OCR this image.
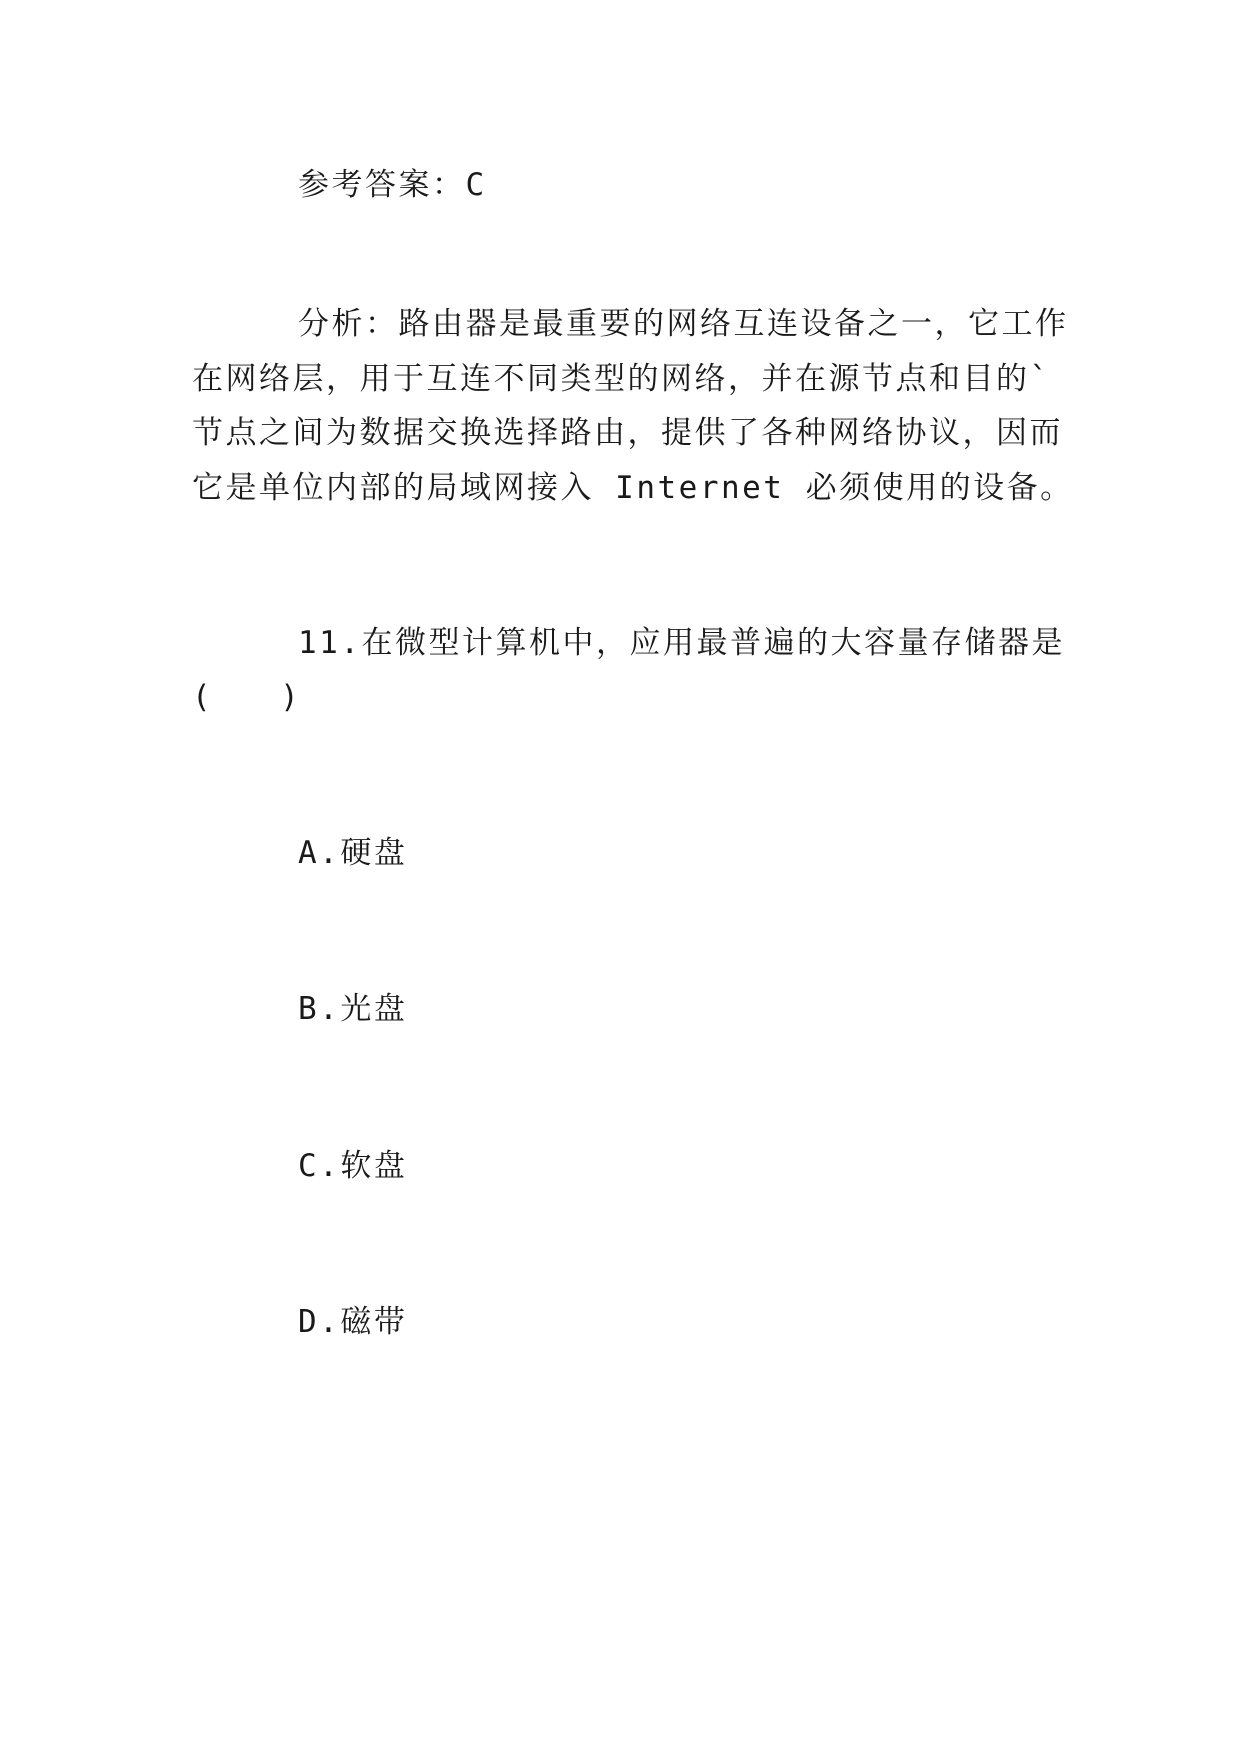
参考答案：C
分析：路由器是最重要的网络互连设备之一，它工作
在网络层，用于互连不同类型的网络，并在源节点和目的`
节点之间为数据交换选择路由，提供了各种网络协议，因而
它是单位内部的局域网接入 Internet 必须使用的设备。
11.在微型计算机中，应用最普遍的大容量存储器是
(　　)
A.硬盘
B.光盘
C.软盘
D.磁带
